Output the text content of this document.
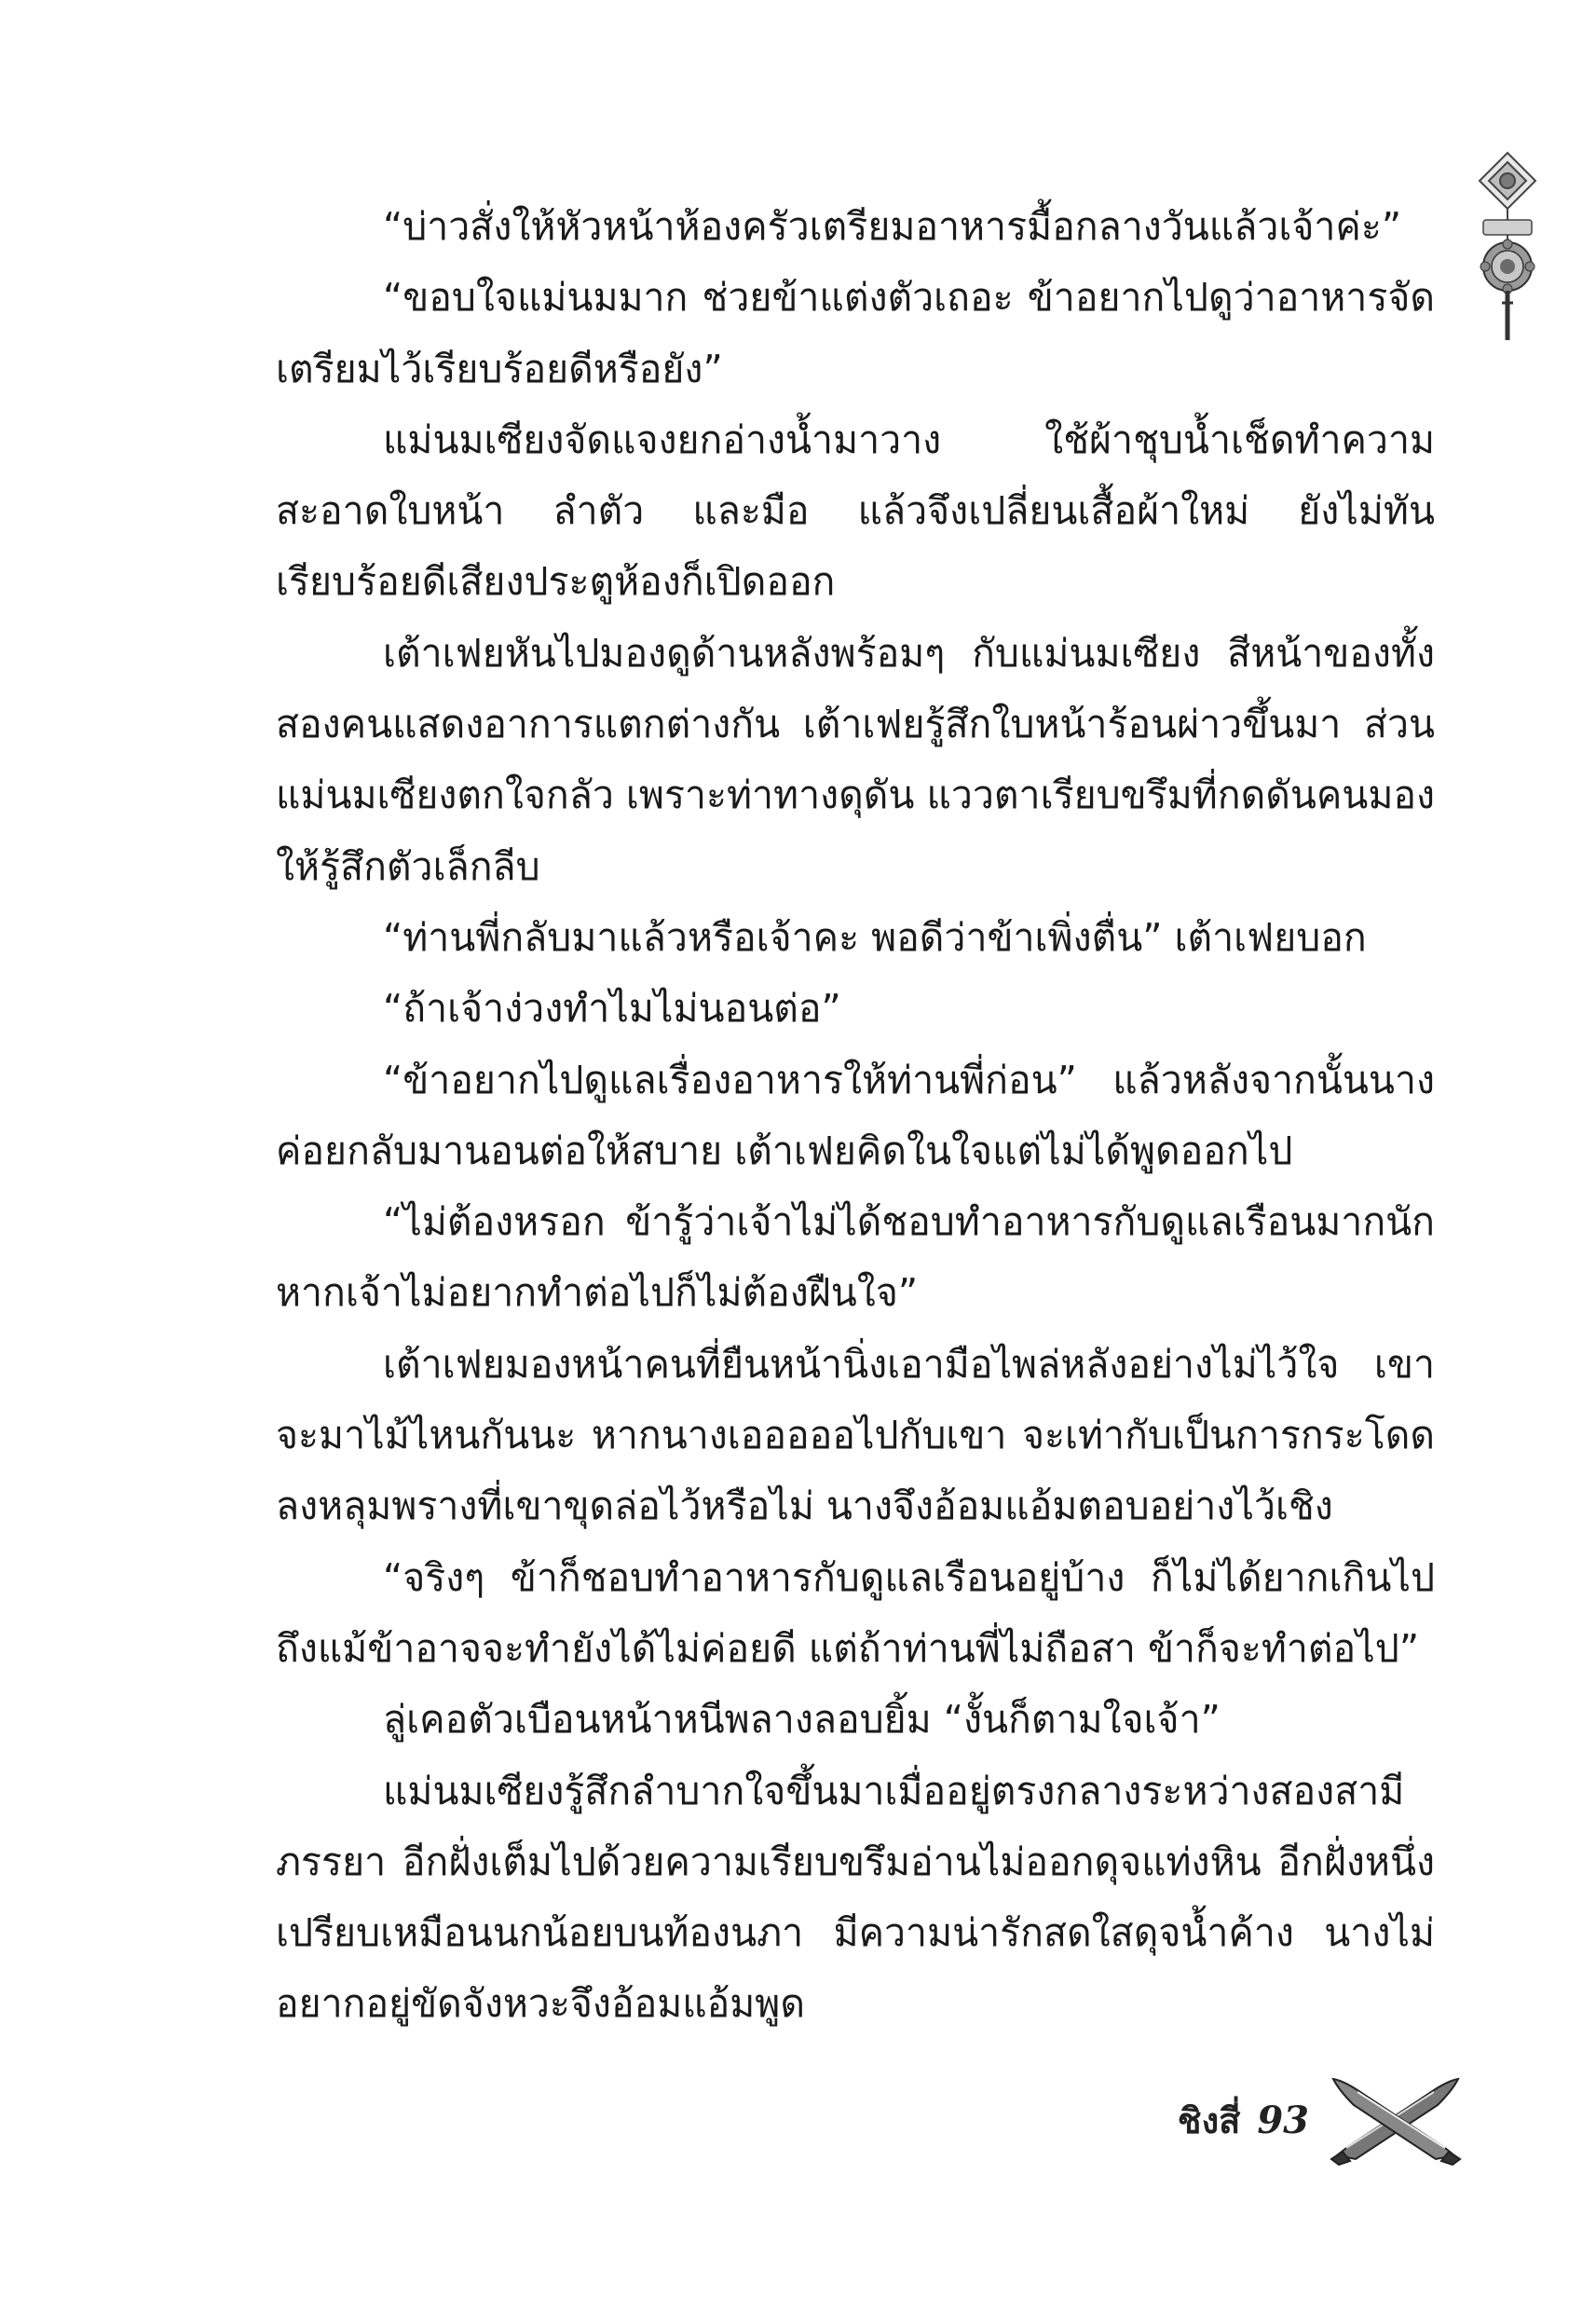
“บ่าวสั่งให้หัวหน้าห้องครัวเตรียมอาหารมื้อกลางวันแล้วเจ้าค่ะ”

“ขอบใจแม่นมมาก ช่วยข้าแต่งตัวเถอะ ข้าอยากไปดูว่าอาหารจัดเตรียมไว้เรียบร้อยดีหรือยัง”

แม่นมเซียงจัดแจงยกอ่างน้ำมาวาง ใช้ผ้าชุบน้ำเช็ดทำความสะอาดใบหน้า ลำตัว และมือ แล้วจึงเปลี่ยนเสื้อผ้าใหม่ ยังไม่ทันเรียบร้อยดีเสียงประตูห้องก็เปิดออก

เต้าเฟยหันไปมองดูด้านหลังพร้อมๆ กับแม่นมเซียง สีหน้าของทั้งสองคนแสดงอาการแตกต่างกัน เต้าเฟยรู้สึกใบหน้าร้อนผ่าวขึ้นมา ส่วนแม่นมเซียงตกใจกลัว เพราะท่าทางดุดัน แววตาเรียบขรึมที่กดดันคนมองให้รู้สึกตัวเล็กลีบ

“ท่านพี่กลับมาแล้วหรือเจ้าคะ พอดีว่าข้าเพิ่งตื่น” เต้าเฟยบอก

“ถ้าเจ้าง่วงทำไมไม่นอนต่อ”

“ข้าอยากไปดูแลเรื่องอาหารให้ท่านพี่ก่อน” แล้วหลังจากนั้นนางค่อยกลับมานอนต่อให้สบาย เต้าเฟยคิดในใจแต่ไม่ได้พูดออกไป

“ไม่ต้องหรอก ข้ารู้ว่าเจ้าไม่ได้ชอบทำอาหารกับดูแลเรือนมากนักหากเจ้าไม่อยากทำต่อไปก็ไม่ต้องฝืนใจ”

เต้าเฟยมองหน้าคนที่ยืนหน้านิ่งเอามือไพล่หลังอย่างไม่ไว้ใจ เขาจะมาไม้ไหนกันนะ หากนางเอออออไปกับเขา จะเท่ากับเป็นการกระโดดลงหลุมพรางที่เขาขุดล่อไว้หรือไม่ นางจึงอ้อมแอ้มตอบอย่างไว้เชิง

“จริงๆ ข้าก็ชอบทำอาหารกับดูแลเรือนอยู่บ้าง ก็ไม่ได้ยากเกินไปถึงแม้ข้าอาจจะทำยังได้ไม่ค่อยดี แต่ถ้าท่านพี่ไม่ถือสา ข้าก็จะทำต่อไป”

ลู่เคอตัวเบือนหน้าหนีพลางลอบยิ้ม “งั้นก็ตามใจเจ้า”

แม่นมเซียงรู้สึกลำบากใจขึ้นมาเมื่ออยู่ตรงกลางระหว่างสองสามีภรรยา อีกฝั่งเต็มไปด้วยความเรียบขรึมอ่านไม่ออกดุจแท่งหิน อีกฝั่งหนึ่งเปรียบเหมือนนกน้อยบนท้องนภา มีความน่ารักสดใสดุจน้ำค้าง นางไม่อยากอยู่ขัดจังหวะจึงอ้อมแอ้มพูด

ชิงสี่ 93
